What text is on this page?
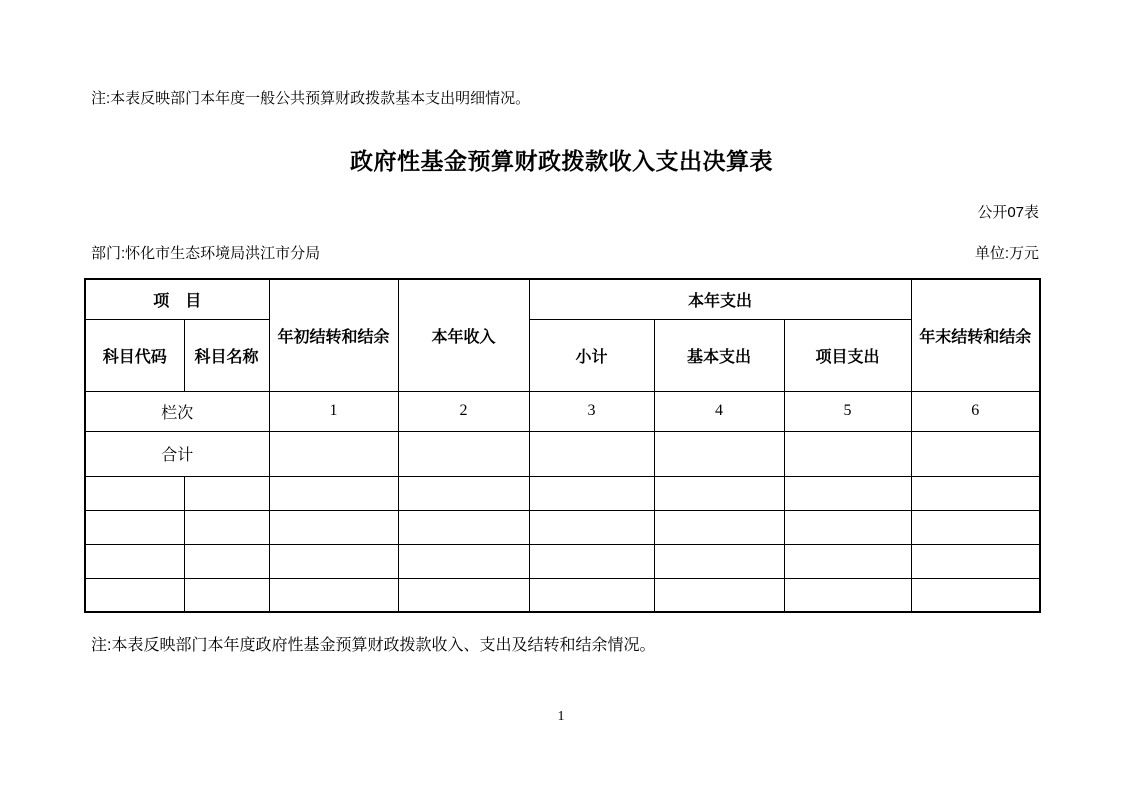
注:本表反映部门本年度一般公共预算财政拨款基本支出明细情况。

政府性基金预算财政拨款收入支出决算表
公开07表
部门:怀化市生态环境局洪江市分局	单位:万元
项　目		年初结转和结余	本年收入	本年支出			年末结转和结余
科目代码	科目名称			小计	基本支出	项目支出	
栏次		1	2	3	4	5	6
合计							

注:本表反映部门本年度政府性基金预算财政拨款收入、支出及结转和结余情况。

1
